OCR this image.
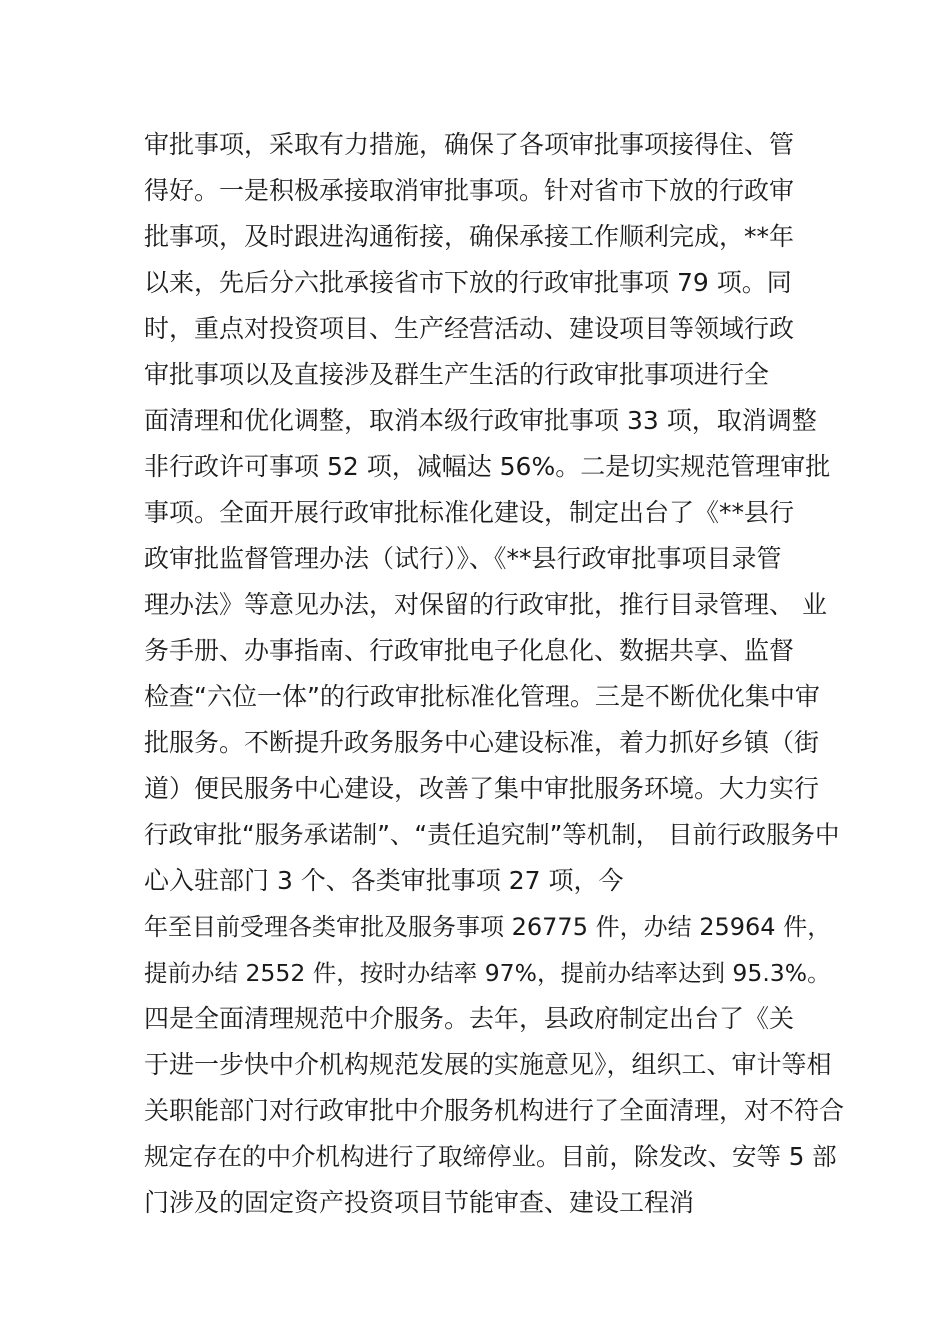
审批事项，采取有力措施，确保了各项审批事项接得住、管
得好。一是积极承接取消审批事项。针对省市下放的行政审
批事项，及时跟进沟通衔接，确保承接工作顺利完成，**年
以来，先后分六批承接省市下放的行政审批事项 79 项。同
时，重点对投资项目、生产经营活动、建设项目等领域行政
审批事项以及直接涉及群生产生活的行政审批事项进行全
面清理和优化调整，取消本级行政审批事项 33 项，取消调整
非行政许可事项 52 项，减幅达 56%。二是切实规范管理审批
事项。全面开展行政审批标准化建设，制定出台了《**县行
政审批监督管理办法（试行）》、《**县行政审批事项目录管
理办法》等意见办法，对保留的行政审批，推行目录管理、 业
务手册、办事指南、行政审批电子化息化、数据共享、监督
检查“六位一体”的行政审批标准化管理。三是不断优化集中审
批服务。不断提升政务服务中心建设标准，着力抓好乡镇（街
道）便民服务中心建设，改善了集中审批服务环境。大力实行
行政审批“服务承诺制”、“责任追究制”等机制， 目前行政服务中
心入驻部门 3 个、各类审批事项 27 项，今
年至目前受理各类审批及服务事项 26775 件，办结 25964 件，
提前办结 2552 件，按时办结率 97%，提前办结率达到 95.3%。
四是全面清理规范中介服务。去年，县政府制定出台了《关
于进一步快中介机构规范发展的实施意见》，组织工、审计等相
关职能部门对行政审批中介服务机构进行了全面清理，对不符合
规定存在的中介机构进行了取缔停业。目前，除发改、安等 5 部
门涉及的固定资产投资项目节能审查、建设工程消
